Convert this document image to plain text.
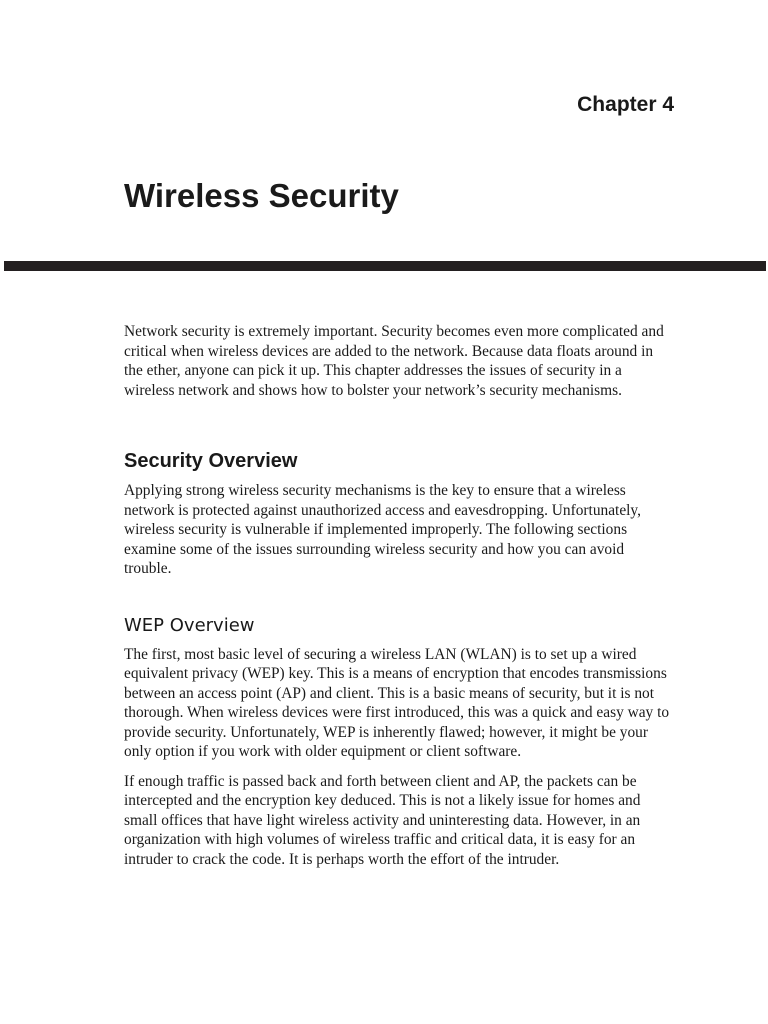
Chapter 4
Wireless Security

Network security is extremely important. Security becomes even more complicated and critical when wireless devices are added to the network. Because data floats around in the ether, anyone can pick it up. This chapter addresses the issues of security in a wireless network and shows how to bolster your network’s security mechanisms.

Security Overview

Applying strong wireless security mechanisms is the key to ensure that a wireless network is protected against unauthorized access and eavesdropping. Unfortunately, wireless security is vulnerable if implemented improperly. The following sections examine some of the issues surrounding wireless security and how you can avoid trouble.

WEP Overview

The first, most basic level of securing a wireless LAN (WLAN) is to set up a wired equivalent privacy (WEP) key. This is a means of encryption that encodes transmissions between an access point (AP) and client. This is a basic means of security, but it is not thorough. When wireless devices were first introduced, this was a quick and easy way to provide security. Unfortunately, WEP is inherently flawed; however, it might be your only option if you work with older equipment or client software.

If enough traffic is passed back and forth between client and AP, the packets can be intercepted and the encryption key deduced. This is not a likely issue for homes and small offices that have light wireless activity and uninteresting data. However, in an organization with high volumes of wireless traffic and critical data, it is easy for an intruder to crack the code. It is perhaps worth the effort of the intruder.
